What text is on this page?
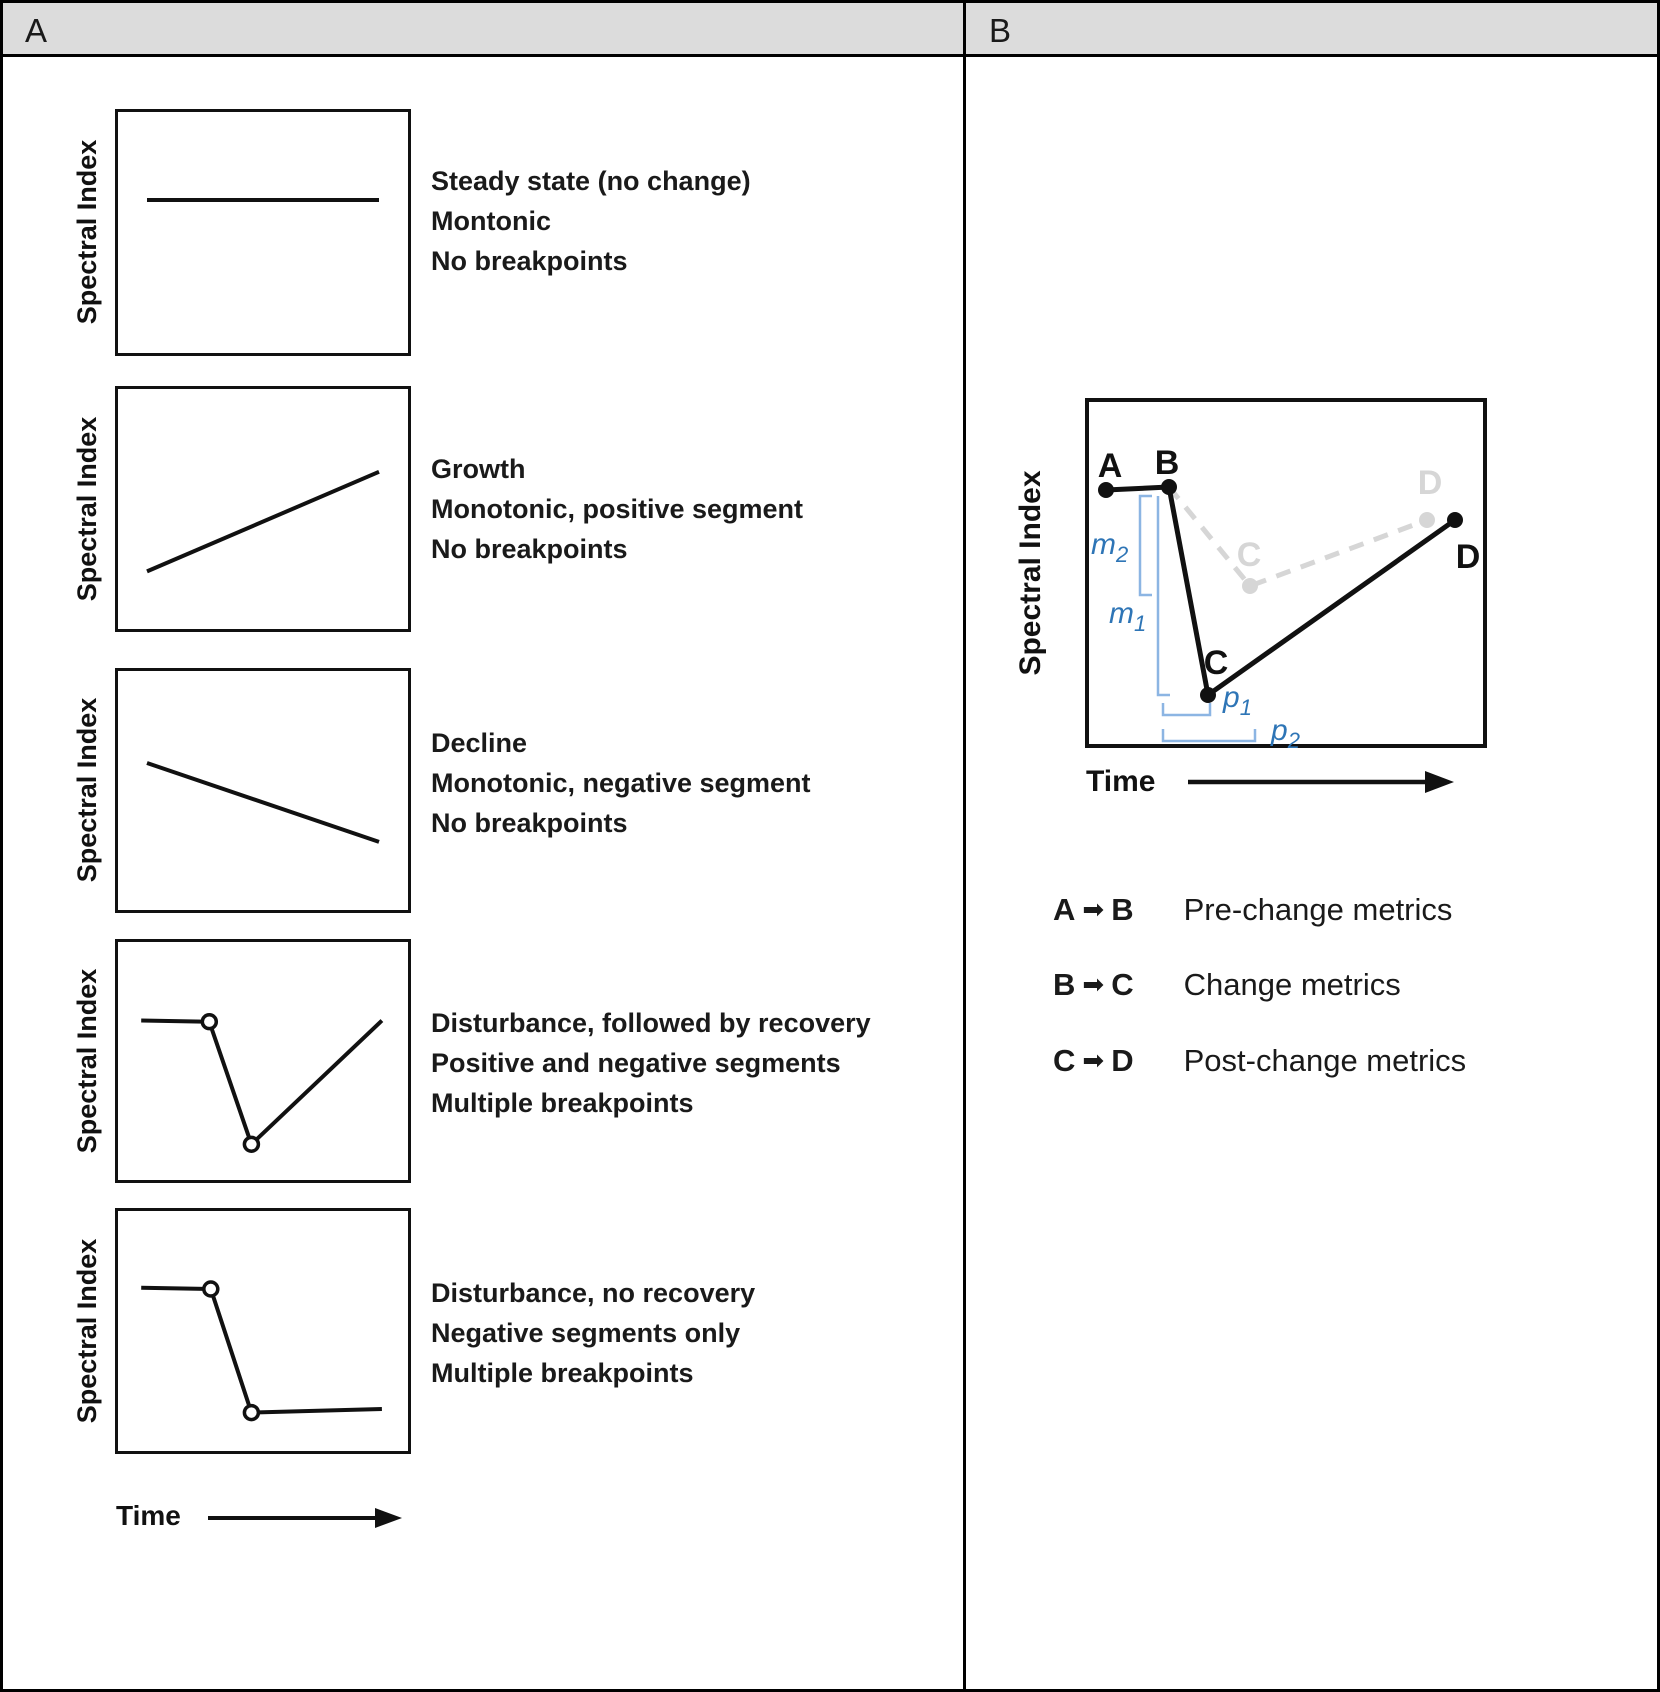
A	B
Spectral Index	Steady state (no change)
Montonic
No breakpoints
Spectral Index	Growth
Monotonic, positive segment
No breakpoints
Spectral Index	Decline
Monotonic, negative segment
No breakpoints
Spectral Index	Disturbance, followed by recovery
Positive and negative segments
Multiple breakpoints
Spectral Index	Disturbance, no recovery
Negative segments only
Multiple breakpoints
Time
Spectral Index
A B
C
D
C
D
$m_2$
$m_1$
$p_1$
$p_2$
Time
A ➡ B Pre-change metrics
B ➡ C Change metrics
C ➡ D Post-change metrics
